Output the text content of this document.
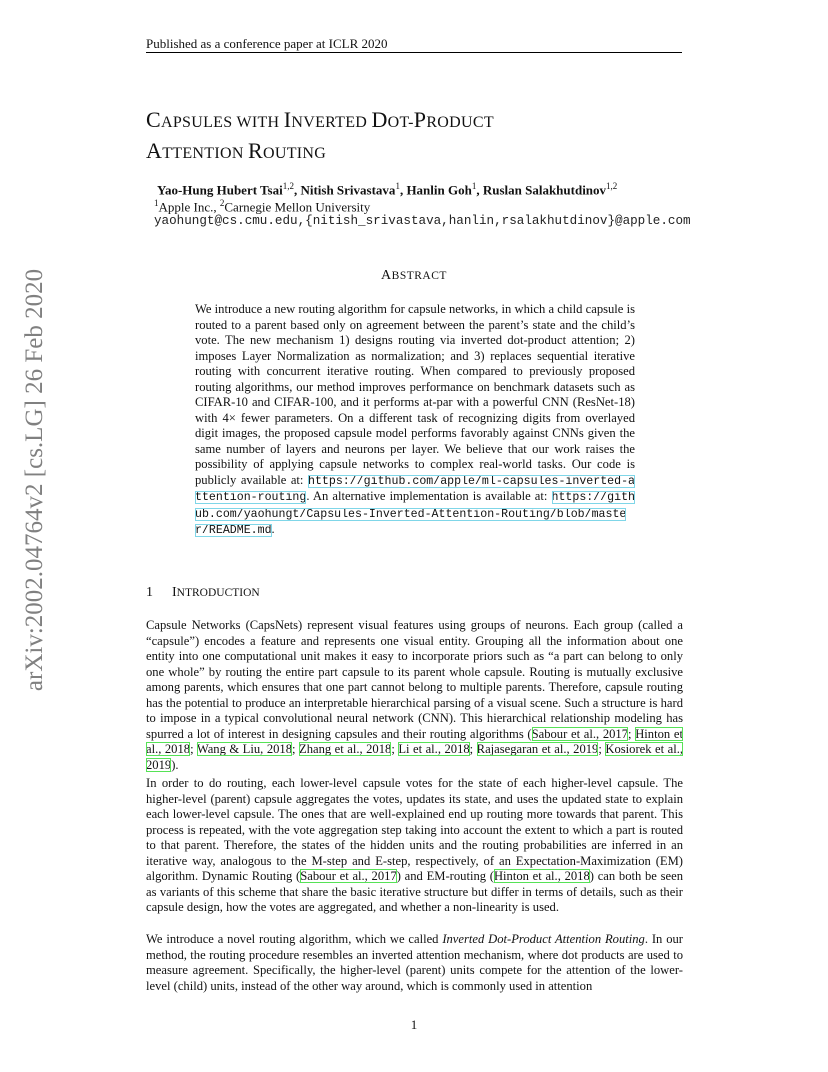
Published as a conference paper at ICLR 2020
arXiv:2002.04764v2 [cs.LG] 26 Feb 2020
CAPSULES WITH INVERTED DOT-PRODUCT
ATTENTION ROUTING
Yao-Hung Hubert Tsai$^{1,2}$, Nitish Srivastava$^1$, Hanlin Goh$^1$, Ruslan Salakhutdinov$^{1,2}$
$^1$Apple Inc., $^2$Carnegie Mellon University
yaohungt@cs.cmu.edu,{nitish_srivastava,hanlin,rsalakhutdinov}@apple.com
ABSTRACT
We introduce a new routing algorithm for capsule networks, in which a child capsule is routed to a parent based only on agreement between the parent’s state and the child’s vote. The new mechanism 1) designs routing via inverted dot-product attention; 2) imposes Layer Normalization as normalization; and 3) replaces sequential iterative routing with concurrent iterative routing. When compared to previously proposed routing algorithms, our method improves performance on benchmark datasets such as CIFAR-10 and CIFAR-100, and it performs at-par with a powerful CNN (ResNet-18) with 4× fewer parameters. On a different task of recognizing digits from overlayed digit images, the proposed capsule model performs favorably against CNNs given the same number of layers and neurons per layer. We believe that our work raises the possibility of applying capsule networks to complex real-world tasks. Our code is publicly available at: https://github.com/apple/ml-capsules-inverted-attention-routing. An alternative implementation is available at: https://github.com/yaohungt/Capsules-Inverted-Attention-Routing/blob/master/README.md.
1 INTRODUCTION
Capsule Networks (CapsNets) represent visual features using groups of neurons. Each group (called a “capsule”) encodes a feature and represents one visual entity. Grouping all the information about one entity into one computational unit makes it easy to incorporate priors such as “a part can belong to only one whole” by routing the entire part capsule to its parent whole capsule. Routing is mutually exclusive among parents, which ensures that one part cannot belong to multiple parents. Therefore, capsule routing has the potential to produce an interpretable hierarchical parsing of a visual scene. Such a structure is hard to impose in a typical convolutional neural network (CNN). This hierarchical relationship modeling has spurred a lot of interest in designing capsules and their routing algorithms (Sabour et al., 2017; Hinton et al., 2018; Wang & Liu, 2018; Zhang et al., 2018; Li et al., 2018; Rajasegaran et al., 2019; Kosiorek et al., 2019).
In order to do routing, each lower-level capsule votes for the state of each higher-level capsule. The higher-level (parent) capsule aggregates the votes, updates its state, and uses the updated state to explain each lower-level capsule. The ones that are well-explained end up routing more towards that parent. This process is repeated, with the vote aggregation step taking into account the extent to which a part is routed to that parent. Therefore, the states of the hidden units and the routing probabilities are inferred in an iterative way, analogous to the M-step and E-step, respectively, of an Expectation-Maximization (EM) algorithm. Dynamic Routing (Sabour et al., 2017) and EM-routing (Hinton et al., 2018) can both be seen as variants of this scheme that share the basic iterative structure but differ in terms of details, such as their capsule design, how the votes are aggregated, and whether a non-linearity is used.
We introduce a novel routing algorithm, which we called Inverted Dot-Product Attention Routing. In our method, the routing procedure resembles an inverted attention mechanism, where dot products are used to measure agreement. Specifically, the higher-level (parent) units compete for the attention of the lower-level (child) units, instead of the other way around, which is commonly used in attention
1
